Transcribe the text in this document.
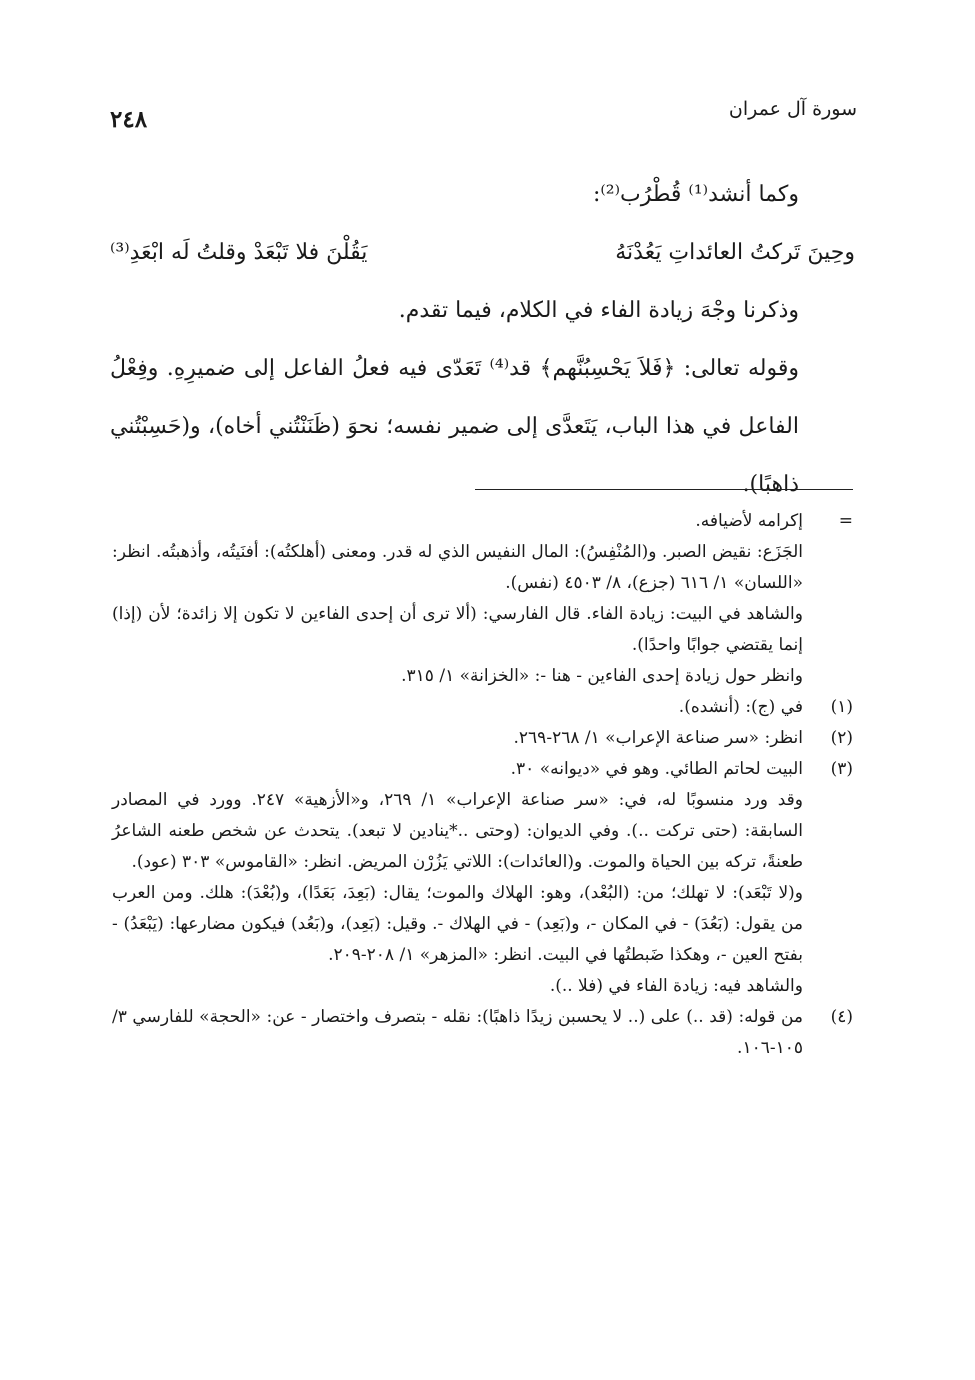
سورة آل عمران
٢٤٨

وكما أنشد⁽¹⁾ قُطْرُب⁽²⁾:

وحِينَ تَركتُ العائداتِ يَعُدْنَهُ
يَقُلْنَ فلا تَبْعَدْ وقلتُ لَه ابْعَدِ⁽³⁾

وذكرنا وجْهَ زيادة الفاء في الكلام، فيما تقدم.

وقوله تعالى: ﴿فَلاَ يَحْسِبُنَّهم﴾ قد⁽⁴⁾ تَعَدّى فيه فعلُ الفاعل إلى ضميرِهِ. وفِعْلُ الفاعل في هذا الباب، يَتَعدَّى إلى ضمير نفسه؛ نحوَ (ظَنَنْتُني أخاه)، و(حَسِبْتُني ذاهبًا).

=

إكرامه لأضيافه.

الجَزَع: نقيض الصبر. و(المُنْفِسُ): المال النفيس الذي له قدر. ومعنى (أهلكتُه): أفنَيتُه، وأذهبتُه. انظر: «اللسان» ١/ ٦١٦ (جزع)، ٨/ ٤٥٠٣ (نفس).

والشاهد في البيت: زيادة الفاء. قال الفارسي: (ألا ترى أن إحدى الفاءين لا تكون إلا زائدة؛ لأن (إذا) إنما يقتضي جوابًا واحدًا).

وانظر حول زيادة إحدى الفاءين - هنا -: «الخزانة» ١/ ٣١٥.

(١)

في (ج): (أنشده).

(٢)

انظر: «سر صناعة الإعراب» ١/ ٢٦٨-٢٦٩.

(٣)

البيت لحاتم الطائي. وهو في «ديوانه» ٣٠.

وقد ورد منسوبًا له، في: «سر صناعة الإعراب» ١/ ٢٦٩، و«الأزهية» ٢٤٧. وورد في المصادر السابقة: (حتى تركت ..). وفي الديوان: (وحتى ..*ينادين لا تبعد). يتحدث عن شخص طعنه الشاعرُ طعنةً، تركه بين الحياة والموت. و(العائدات): اللاتي يَزُرْن المريض. انظر: «القاموس» ٣٠٣ (عود).

و(لا تَبْعَد): لا تهلك؛ من: (البُعْد)، وهو: الهلاك والموت؛ يقال: (بَعِدَ، بَعَدًا)، و(بُعْدَ): هلك. ومن العرب من يقول: (بَعُدَ) - في المكان -، و(بَعِد) - في الهلاك -. وقيل: (بَعِد)، و(بَعُد) فيكون مضارعها: (يَبْعَدُ) - بفتح العين -، وهكذا ضَبطتُها في البيت. انظر: «المزهر» ١/ ٢٠٨-٢٠٩.

والشاهد فيه: زيادة الفاء في (فلا ..).

(٤)

من قوله: (قد ..) على (.. لا يحسبن زيدًا ذاهبًا): نقله - بتصرف واختصار - عن: «الحجة» للفارسي ٣/ ١٠٥-١٠٦.
